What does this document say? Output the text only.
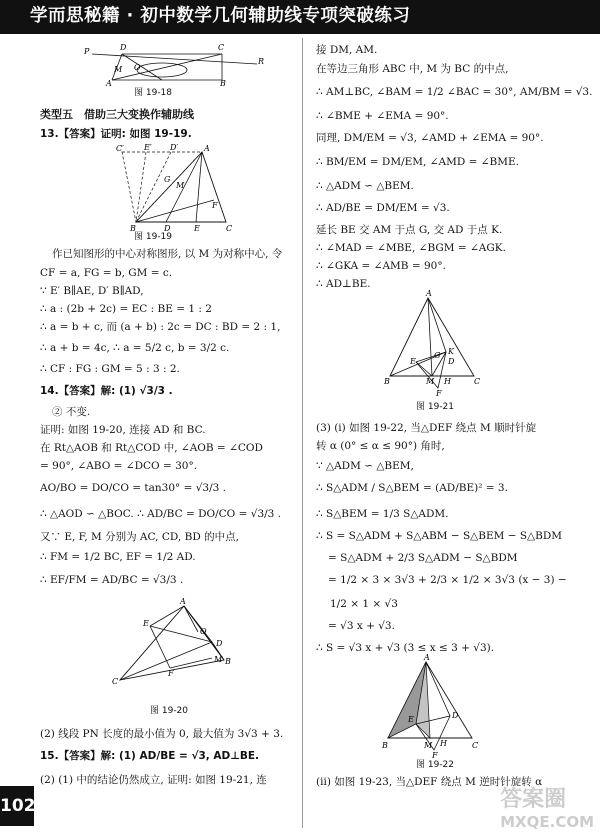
学而思秘籍 · 初中数学几何辅助线专项突破练习
P	D	C
R
A	B
M O

图 19-18

类型五　借助三大变换作辅助线

13.【答案】证明: 如图 19-19.

C′	E′ D′	A
B	D	E	C
M
G
F

图 19-19

作已知图形的中心对称图形, 以 M 为对称中心, 令

CF = a, FG = b, GM = c.

∵ E′ B∥AE, D′ B∥AD,

∴ a : (2b + 2c) = EC : BE = 1 : 2

∴ a = b + c, 而 (a + b) : 2c = DC : BD = 2 : 1,

∴ a + b = 4c, ∴ a = 5/2 c, b = 3/2 c.

∴ CF : FG : GM = 5 : 3 : 2.

14.【答案】解: (1) √3/3 .

② 不变.

证明: 如图 19-20, 连接 AD 和 BC.

在 Rt△AOB 和 Rt△COD 中, ∠AOB = ∠COD

= 90°, ∠ABO = ∠DCO = 30°.

AO/BO = DO/CO = tan30° = √3/3 .

∴ △AOD ∽ △BOC. ∴ AD/BC = DO/CO = √3/3 .

又∵ E, F, M 分别为 AC, CD, BD 的中点,

∴ FM = 1/2 BC, EF = 1/2 AD.

∴ EF/FM = AD/BC = √3/3 .

A
E
C
F
M
D
O
B

图 19-20

(2) 线段 PN 长度的最小值为 0, 最大值为 3√3 + 3.

15.【答案】解: (1) AD/BE = √3, AD⊥BE.

(2) (1) 中的结论仍然成立, 证明: 如图 19-21, 连

接 DM, AM.

在等边三角形 ABC 中, M 为 BC 的中点,

∴ AM⊥BC, ∠BAM = 1/2 ∠BAC = 30°, AM/BM = √3.

∴ ∠BME + ∠EMA = 90°.

同理, DM/EM = √3, ∠AMD + ∠EMA = 90°.

∴ BM/EM = DM/EM, ∠AMD = ∠BME.

∴ △ADM ∽ △BEM.

∴ AD/BE = DM/EM = √3.

延长 BE 交 AM 于点 G, 交 AD 于点 K.

∴ ∠MAD = ∠MBE, ∠BGM = ∠AGK.

∴ ∠GKA = ∠AMB = 90°.

∴ AD⊥BE.

A
B	C
E
G K
D
M H
F

图 19-21

(3) (ⅰ) 如图 19-22, 当△DEF 绕点 M 顺时针旋

转 α (0° ≤ α ≤ 90°) 角时,

∵ △ADM ∽ △BEM,

∴ S△ADM / S△BEM = (AD/BE)² = 3.

∴ S△BEM = 1/3 S△ADM.

∴ S = S△ADM + S△ABM − S△BEM − S△BDM

= S△ADM + 2/3 S△ADM − S△BDM

= 1/2 × 3 × 3√3 + 2/3 × 1/2 × 3√3 (x − 3) −

1/2 × 1 × √3

= √3 x + √3.

∴ S = √3 x + √3 (3 ≤ x ≤ 3 + √3).

A
B	C
D
E
M H
F

图 19-22

(ⅱ) 如图 19-23, 当△DEF 绕点 M 逆时针旋转 α

102	答案圈
MXQE.COM
